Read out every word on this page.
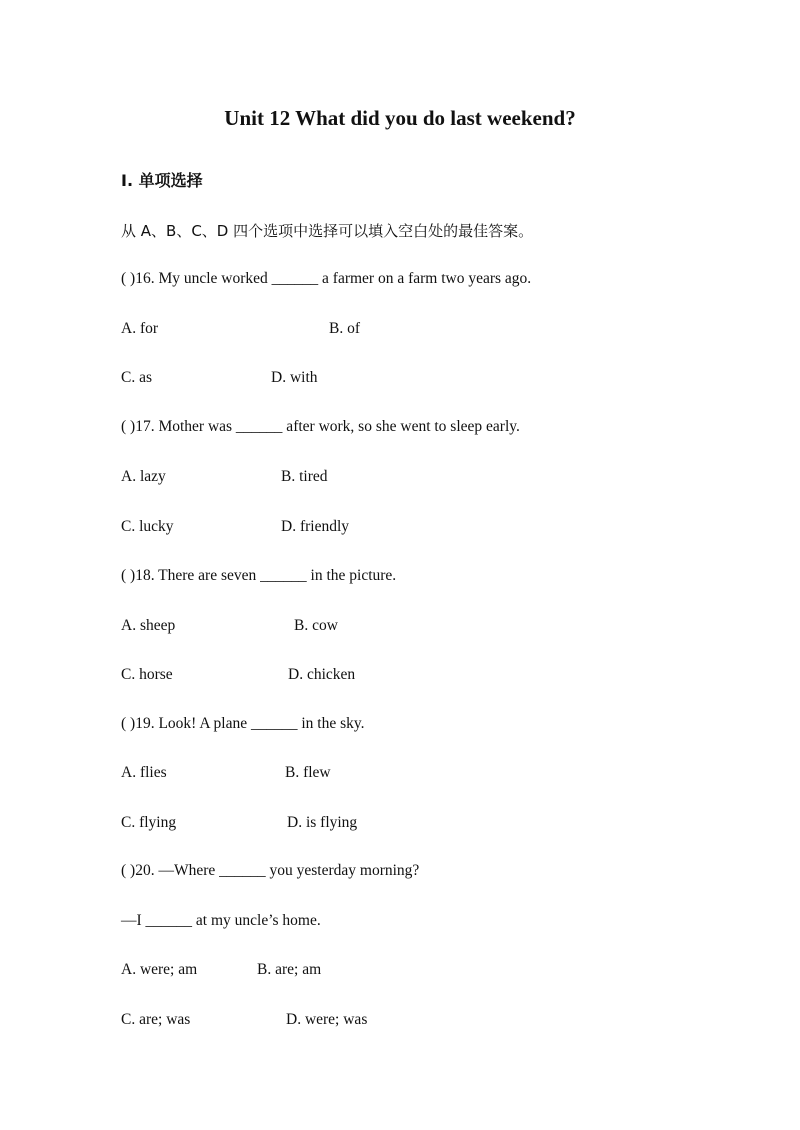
Unit 12 What did you do last weekend?
Ⅰ. 单项选择
从 A、B、C、D 四个选项中选择可以填入空白处的最佳答案。
( )16. My uncle worked ______ a farmer on a farm two years ago.
A. for	B. of
C. as	D. with
( )17. Mother was ______ after work, so she went to sleep early.
A. lazy	B. tired
C. lucky	D. friendly
( )18. There are seven ______ in the picture.
A. sheep	B. cow
C. horse	D. chicken
( )19. Look! A plane ______ in the sky.
A. flies	B. flew
C. flying	D. is flying
( )20. —Where ______ you yesterday morning?
—I ______ at my uncle’s home.
A. were; am	B. are; am
C. are; was	D. were; was
